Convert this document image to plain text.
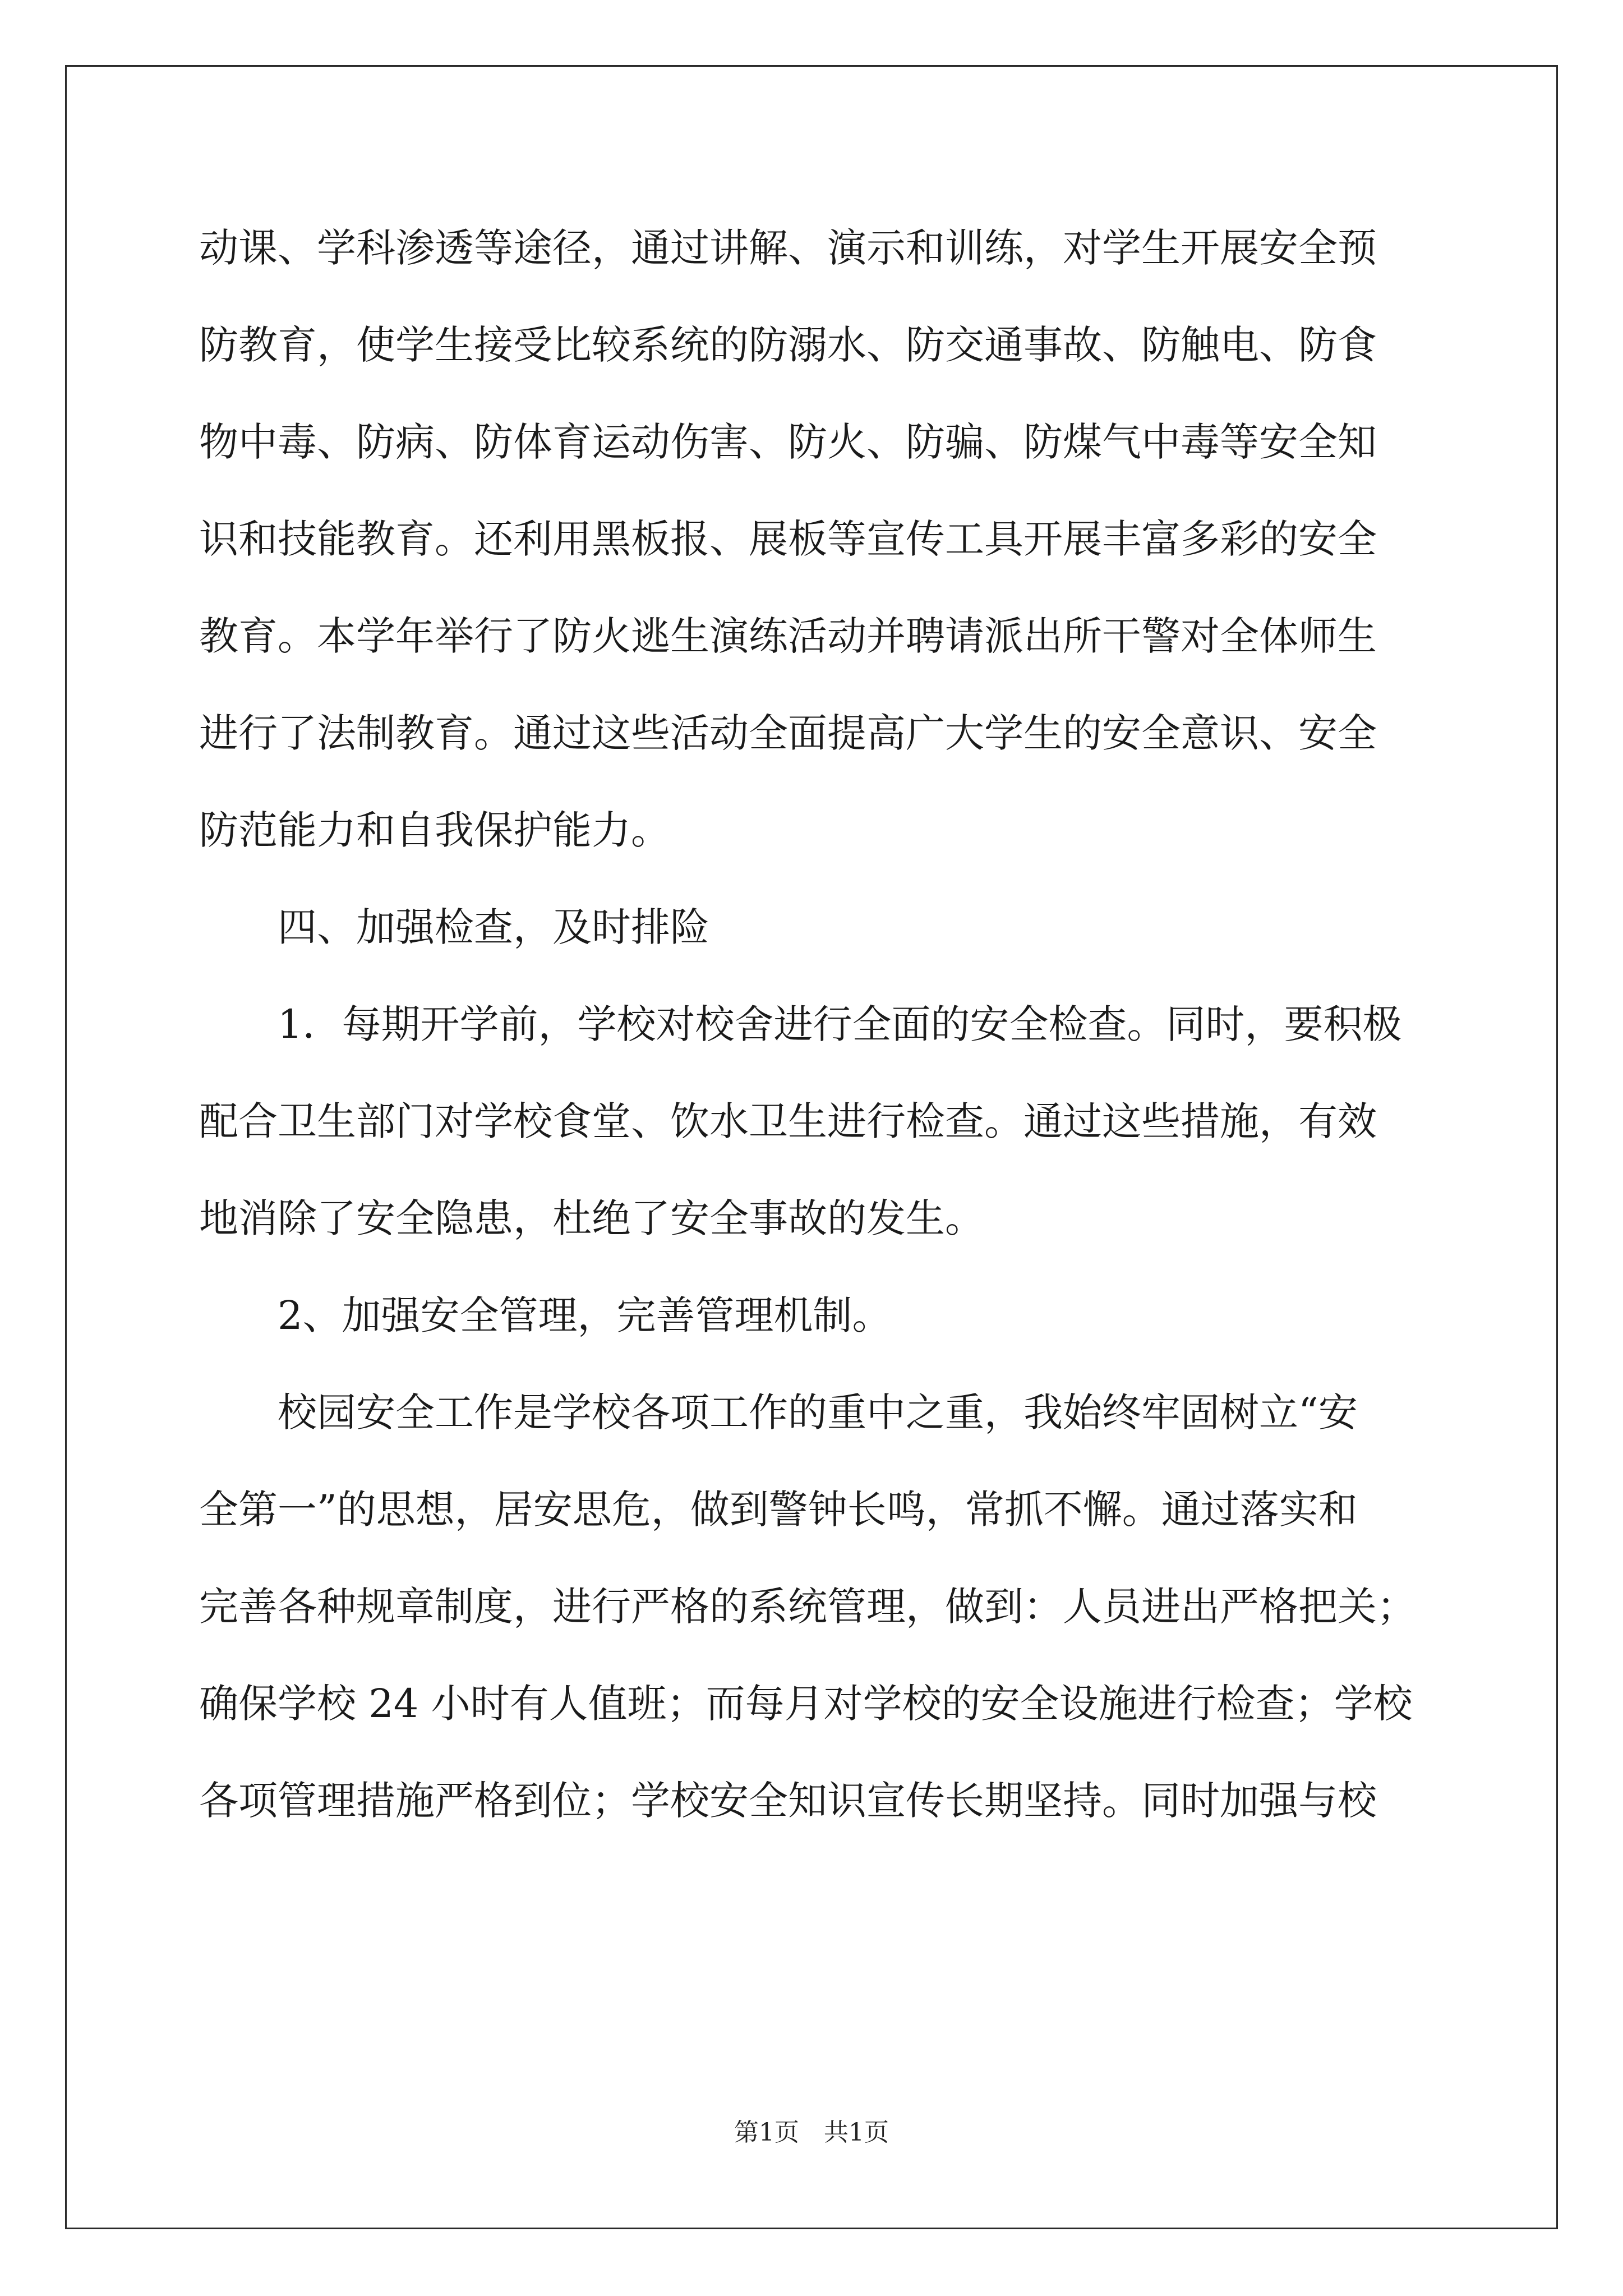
动课、学科渗透等途径，通过讲解、演示和训练，对学生开展安全预
防教育，使学生接受比较系统的防溺水、防交通事故、防触电、防食
物中毒、防病、防体育运动伤害、防火、防骗、防煤气中毒等安全知
识和技能教育。还利用黑板报、展板等宣传工具开展丰富多彩的安全
教育。本学年举行了防火逃生演练活动并聘请派出所干警对全体师生
进行了法制教育。通过这些活动全面提高广大学生的安全意识、安全
防范能力和自我保护能力。
　　四、加强检查，及时排险
　　1．每期开学前，学校对校舍进行全面的安全检查。同时，要积极
配合卫生部门对学校食堂、饮水卫生进行检查。通过这些措施，有效
地消除了安全隐患，杜绝了安全事故的发生。
　　2、加强安全管理，完善管理机制。
　　校园安全工作是学校各项工作的重中之重，我始终牢固树立“安
全第一”的思想，居安思危，做到警钟长鸣，常抓不懈。通过落实和
完善各种规章制度，进行严格的系统管理，做到：人员进出严格把关；
确保学校 24 小时有人值班；而每月对学校的安全设施进行检查；学校
各项管理措施严格到位；学校安全知识宣传长期坚持。同时加强与校
第1页　共1页
